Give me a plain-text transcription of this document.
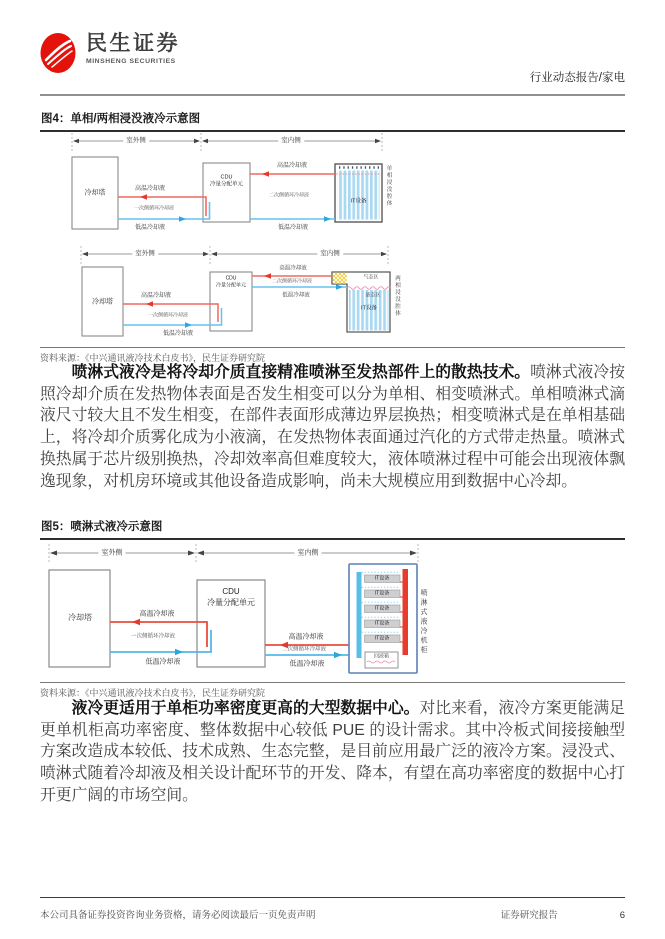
民生证券
MINSHENG SECURITIES
行业动态报告/家电
图4：单相/两相浸没液冷示意图
室外侧	室内侧
冷却塔
CDU
冷量分配单元
高温冷却液
一次侧循环冷却液
低温冷却液
高温冷却液
二次侧循环冷却液
低温冷却液
IT设备	单相浸没腔体
室外侧	室内侧
冷却塔
CDU
冷量分配单元
高温冷却液
一次侧循环冷却液
低温冷却液
高温冷却液
二次侧循环冷却液
低温冷却液
气态区
液态区
IT设备	两相浸没腔体
资料来源：《中兴通讯液冷技术白皮书》，民生证券研究院

喷淋式液冷是将冷却介质直接精准喷淋至发热部件上的散热技术。喷淋式液冷按照冷却介质在发热物体表面是否发生相变可以分为单相、相变喷淋式。单相喷淋式滴液尺寸较大且不发生相变，在部件表面形成薄边界层换热；相变喷淋式是在单相基础上，将冷却介质雾化成为小液滴，在发热物体表面通过汽化的方式带走热量。喷淋式换热属于芯片级别换热，冷却效率高但难度较大，液体喷淋过程中可能会出现液体飘逸现象，对机房环境或其他设备造成影响，尚未大规模应用到数据中心冷却。

图5：喷淋式液冷示意图
室外侧	室内侧
冷却塔
CDU
冷量分配单元
高温冷却液
一次侧循环冷却液
低温冷却液
高温冷却液
二次侧循环冷却液
低温冷却液
IT设备
IT设备
IT设备
IT设备
IT设备
回液箱
喷淋式液冷机柜
资料来源：《中兴通讯液冷技术白皮书》，民生证券研究院

液冷更适用于单柜功率密度更高的大型数据中心。对比来看，液冷方案更能满足更单机柜高功率密度、整体数据中心较低 PUE 的设计需求。其中冷板式间接接触型方案改造成本较低、技术成熟、生态完整，是目前应用最广泛的液冷方案。浸没式、喷淋式随着冷却液及相关设计配环节的开发、降本，有望在高功率密度的数据中心打开更广阔的市场空间。

本公司具备证券投资咨询业务资格，请务必阅读最后一页免责声明	证券研究报告	6
